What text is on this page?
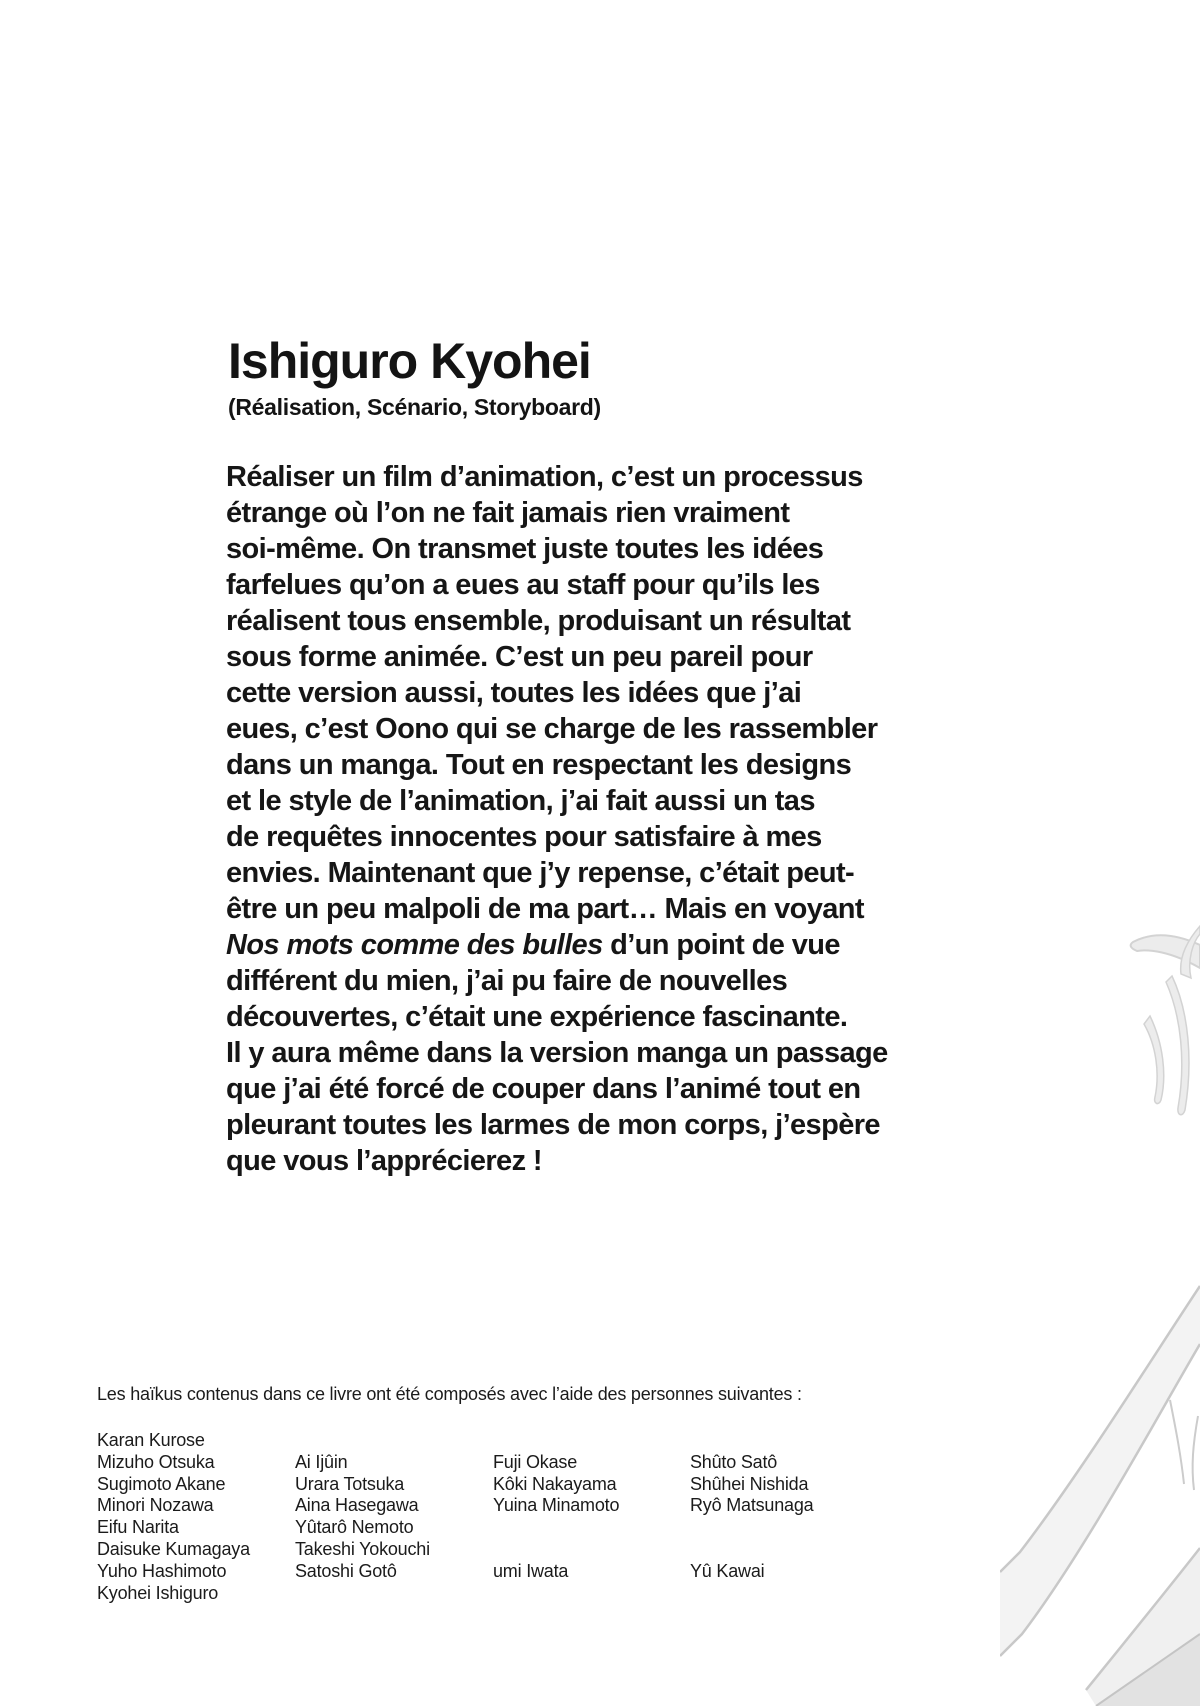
Ishiguro Kyohei
(Réalisation, Scénario, Storyboard)
Réaliser un film d’animation, c’est un processus
étrange où l’on ne fait jamais rien vraiment
soi-même. On transmet juste toutes les idées
farfelues qu’on a eues au staff pour qu’ils les
réalisent tous ensemble, produisant un résultat
sous forme animée. C’est un peu pareil pour
cette version aussi, toutes les idées que j’ai
eues, c’est Oono qui se charge de les rassembler
dans un manga. Tout en respectant les designs
et le style de l’animation, j’ai fait aussi un tas
de requêtes innocentes pour satisfaire à mes
envies. Maintenant que j’y repense, c’était peut-
être un peu malpoli de ma part… Mais en voyant
Nos mots comme des bulles d’un point de vue
différent du mien, j’ai pu faire de nouvelles
découvertes, c’était une expérience fascinante.
Il y aura même dans la version manga un passage
que j’ai été forcé de couper dans l’animé tout en
pleurant toutes les larmes de mon corps, j’espère
que vous l’apprécierez !

Les haïkus contenus dans ce livre ont été composés avec l’aide des personnes suivantes :

Karan Kurose
Mizuho Otsuka
Sugimoto Akane
Minori Nozawa
Eifu Narita
Daisuke Kumagaya
Yuho Hashimoto
Kyohei Ishiguro

Ai Ijûin
Urara Totsuka
Aina Hasegawa
Yûtarô Nemoto
Takeshi Yokouchi
Satoshi Gotô

Fuji Okase
Kôki Nakayama
Yuina Minamoto

umi Iwata

Shûto Satô
Shûhei Nishida
Ryô Matsunaga

Yû Kawai
